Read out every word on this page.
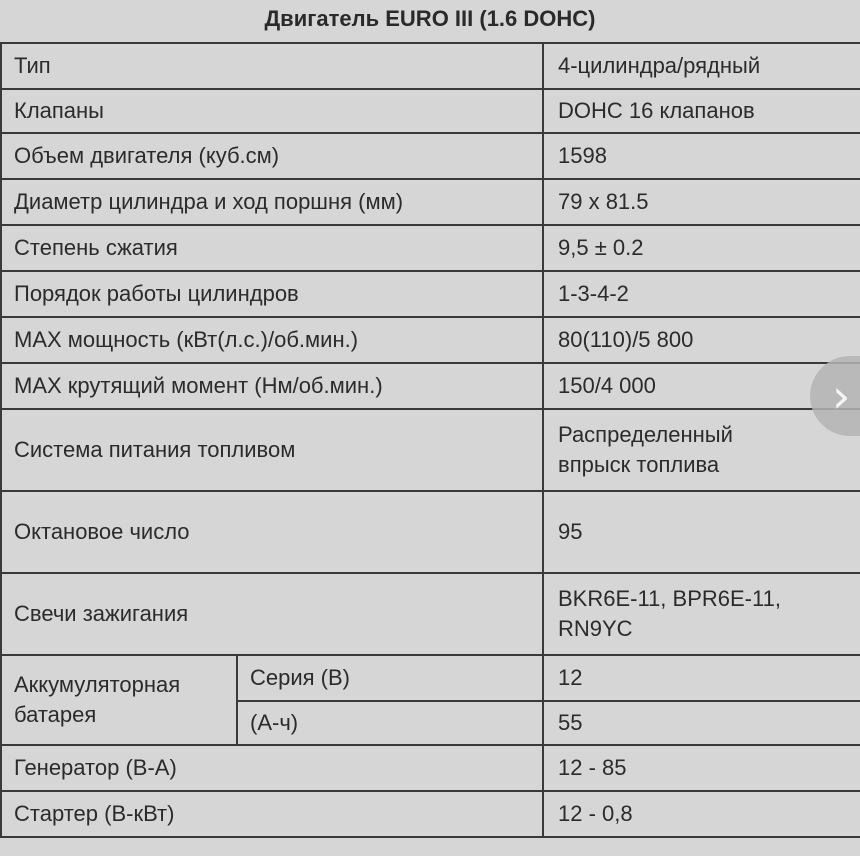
Двигатель EURO III (1.6 DOHC)
Тип		4-цилиндра/рядный
Клапаны		DOHC 16 клапанов
Объем двигателя (куб.см)		1598
Диаметр цилиндра и ход поршня (мм)		79 x 81.5
Степень сжатия		9,5 ± 0.2
Порядок работы цилиндров		1-3-4-2
MAX мощность (кВт(л.с.)/об.мин.)		80(110)/5 800
MAX крутящий момент (Нм/об.мин.)		150/4 000
Система питания топливом		Распределенный
впрыск топлива

Октановое число		95
Свечи зажигания		BKR6E-11, BPR6E-11,
RN9YC

Аккумуляторная
батарея	Серия (В)	12
	(А-ч)	55
Генератор (В-А)		12 - 85
Стартер (В-кВт)		12 - 0,8
›
